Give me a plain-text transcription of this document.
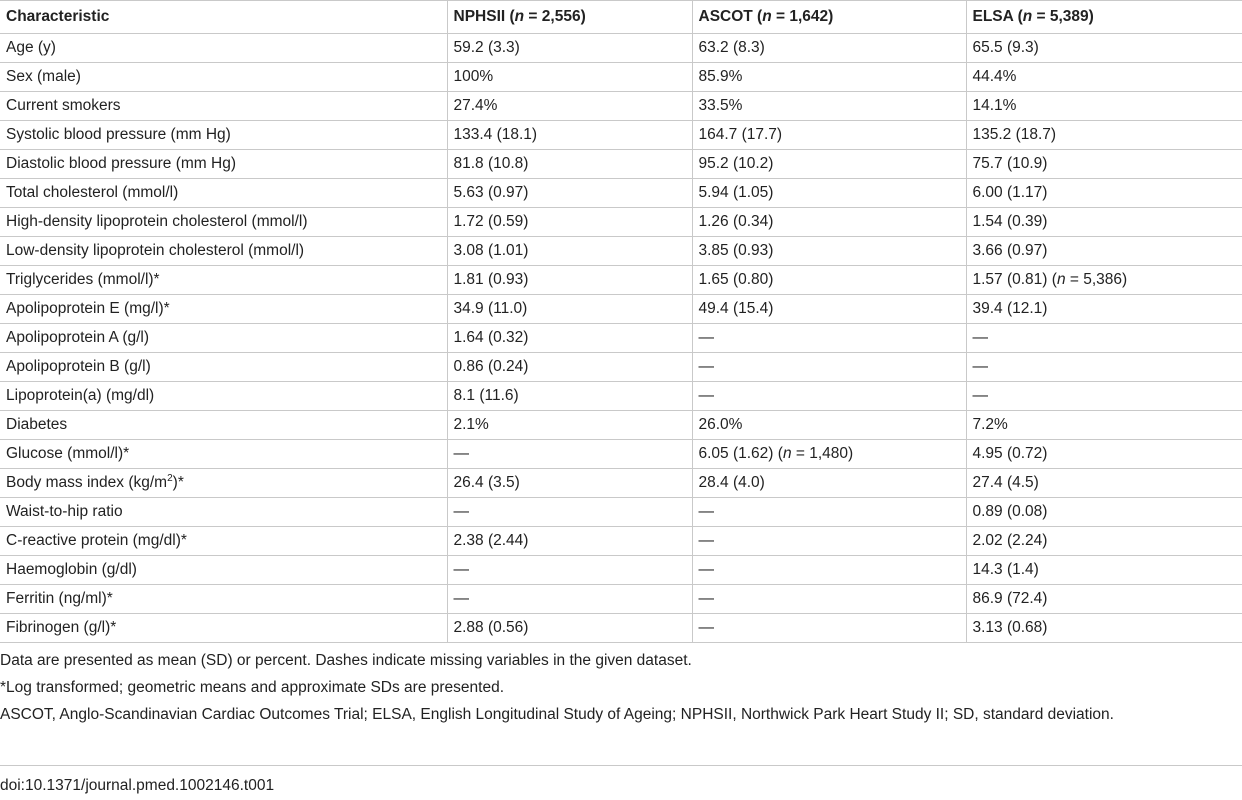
Characteristic	NPHSII (n = 2,556)	ASCOT (n = 1,642)	ELSA (n = 5,389)
Age (y)	59.2 (3.3)	63.2 (8.3)	65.5 (9.3)
Sex (male)	100%	85.9%	44.4%
Current smokers	27.4%	33.5%	14.1%
Systolic blood pressure (mm Hg)	133.4 (18.1)	164.7 (17.7)	135.2 (18.7)
Diastolic blood pressure (mm Hg)	81.8 (10.8)	95.2 (10.2)	75.7 (10.9)
Total cholesterol (mmol/l)	5.63 (0.97)	5.94 (1.05)	6.00 (1.17)
High-density lipoprotein cholesterol (mmol/l)	1.72 (0.59)	1.26 (0.34)	1.54 (0.39)
Low-density lipoprotein cholesterol (mmol/l)	3.08 (1.01)	3.85 (0.93)	3.66 (0.97)
Triglycerides (mmol/l)*	1.81 (0.93)	1.65 (0.80)	1.57 (0.81) (n = 5,386)
Apolipoprotein E (mg/l)*	34.9 (11.0)	49.4 (15.4)	39.4 (12.1)
Apolipoprotein A (g/l)	1.64 (0.32)	—	—
Apolipoprotein B (g/l)	0.86 (0.24)	—	—
Lipoprotein(a) (mg/dl)	8.1 (11.6)	—	—
Diabetes	2.1%	26.0%	7.2%
Glucose (mmol/l)*	—	6.05 (1.62) (n = 1,480)	4.95 (0.72)
Body mass index $(kg/m^2)*$	26.4 (3.5)	28.4 (4.0)	27.4 (4.5)
Waist-to-hip ratio	—	—	0.89 (0.08)
C-reactive protein (mg/dl)*	2.38 (2.44)	—	2.02 (2.24)
Haemoglobin (g/dl)	—	—	14.3 (1.4)
Ferritin (ng/ml)*	—	—	86.9 (72.4)
Fibrinogen (g/l)*	2.88 (0.56)	—	3.13 (0.68)

Data are presented as mean (SD) or percent. Dashes indicate missing variables in the given dataset.

*Log transformed; geometric means and approximate SDs are presented.

ASCOT, Anglo-Scandinavian Cardiac Outcomes Trial; ELSA, English Longitudinal Study of Ageing; NPHSII, Northwick Park Heart Study II; SD, standard deviation.

doi:10.1371/journal.pmed.1002146.t001
